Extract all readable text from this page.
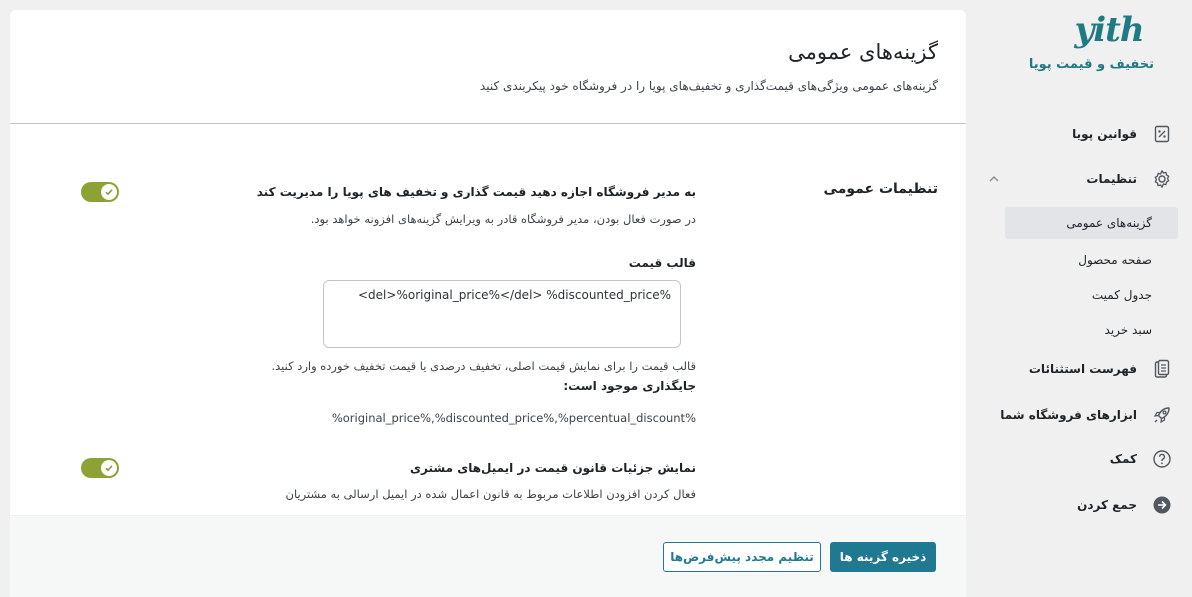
yith
تخفیف و قیمت پویا
قوانین پویا
تنظیمات
گزینه‌های عمومی
صفحه محصول
جدول کمیت
سبد خرید
فهرست استثنائات
ابزارهای فروشگاه شما
کمک
جمع کردن
گزینه‌های عمومی
گزینه‌های عمومی ویژگی‌های قیمت‌گذاری و تخفیف‌های پویا را در فروشگاه خود پیکربندی کنید
تنظیمات عمومی
به مدیر فروشگاه اجازه دهید قیمت گذاری و تخفیف های پویا را مدیریت کند
در صورت فعال بودن، مدیر فروشگاه قادر به ویرایش گزینه‌های افزونه خواهد بود.
قالب قیمت
<del>%original_price%</del> %discounted_price%
قالب قیمت را برای نمایش قیمت اصلی، تخفیف درصدی یا قیمت تخفیف خورده وارد کنید.
جایگذاری موجود است:
%original_price%,%discounted_price%,%percentual_discount%
نمایش جزئیات قانون قیمت در ایمیل‌های مشتری
فعال کردن افزودن اطلاعات مربوط به قانون اعمال شده در ایمیل ارسالی به مشتریان
ذخیره گزینه ها
تنظیم مجدد پیش‌فرض‌ها
